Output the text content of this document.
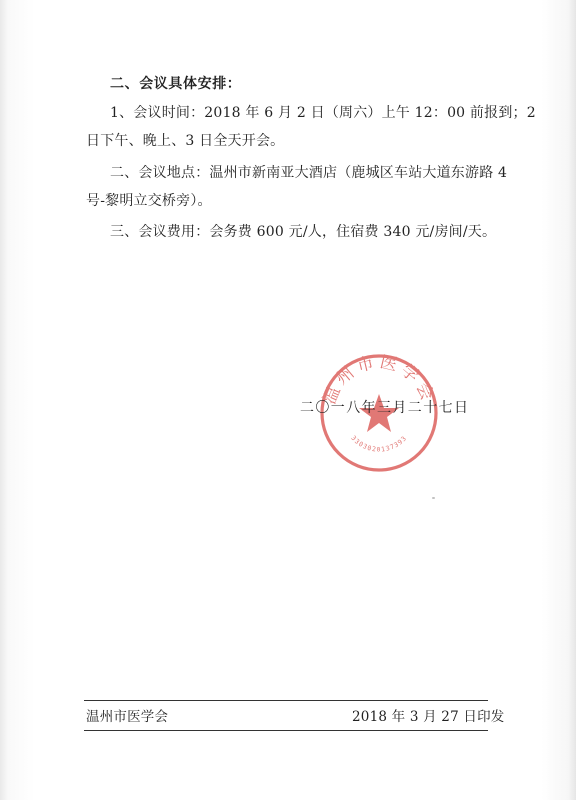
二、会议具体安排：
1、会议时间：2018 年 6 月 2 日（周六）上午 12：00 前报到；2
日下午、晚上、3 日全天开会。
二、会议地点：温州市新南亚大酒店（鹿城区车站大道东游路 4
号-黎明立交桥旁）。
三、会议费用：会务费 600 元/人，住宿费 340 元/房间/天。
温州市医学会
3303020137393
二〇一八年三月二十七日
温州市医学会	2018 年 3 月 27 日印发
